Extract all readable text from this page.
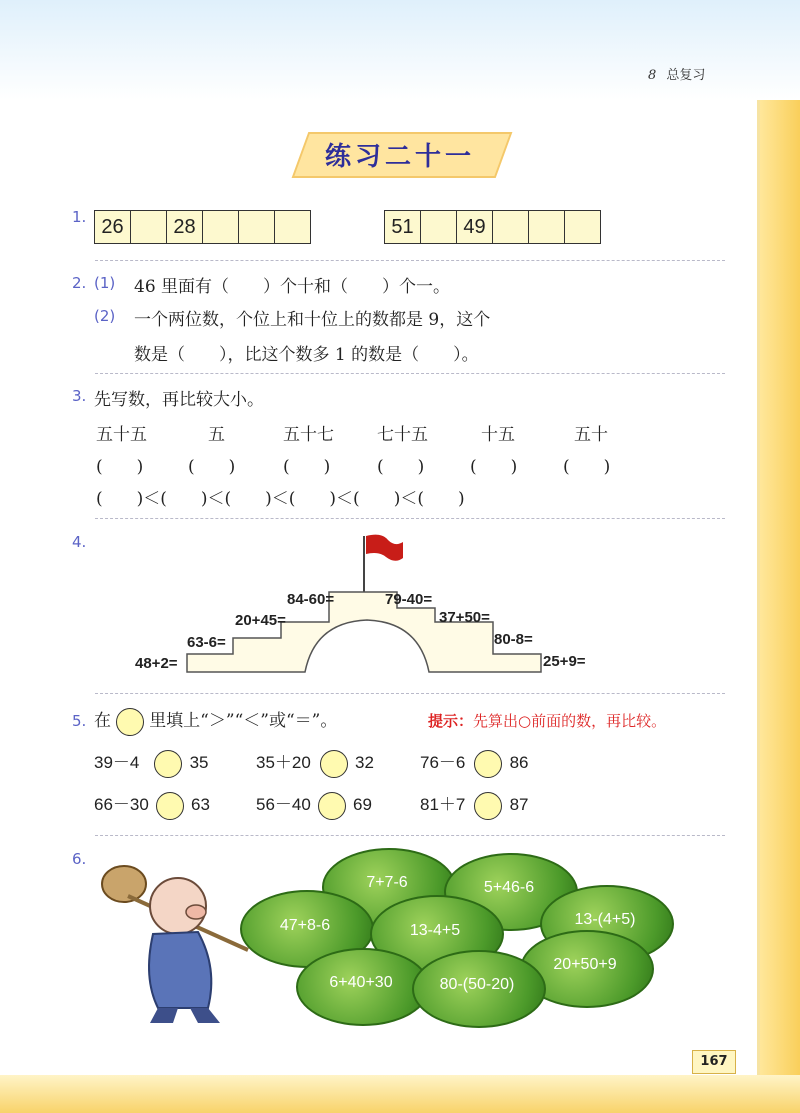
8 总复习
练习二十一
1. 26		28				51		49			
2. (1) 46 里面有（　　）个十和（　　）个一。
(2) 一个两位数，个位上和十位上的数都是 9，这个
数是（　　），比这个数多 1 的数是（　　）。
3. 先写数，再比较大小。
五十五	五	五十七	七十五	十五	五十
(　　)	(　　)	(　　)	(　　)	(　　)	(　　)
(　　)＜(　　)＜(　　)＜(　　)＜(　　)＜(　　)
4.
48+2=
63-6=
20+45=
84-60=	79-40=
37+50=
80-8=
25+9=
5. 在 里填上“＞”“＜”或“＝”。	提示：先算出○前面的数，再比较。
39－4	35	35＋20	32	76－6	86
66－30 63	56－40 69	81＋7	87
6.
7+7-6	5+46-6
47+8-6	13-4+5
13-(4+5)
20+50+9
6+40+30	80-(50-20)
167
